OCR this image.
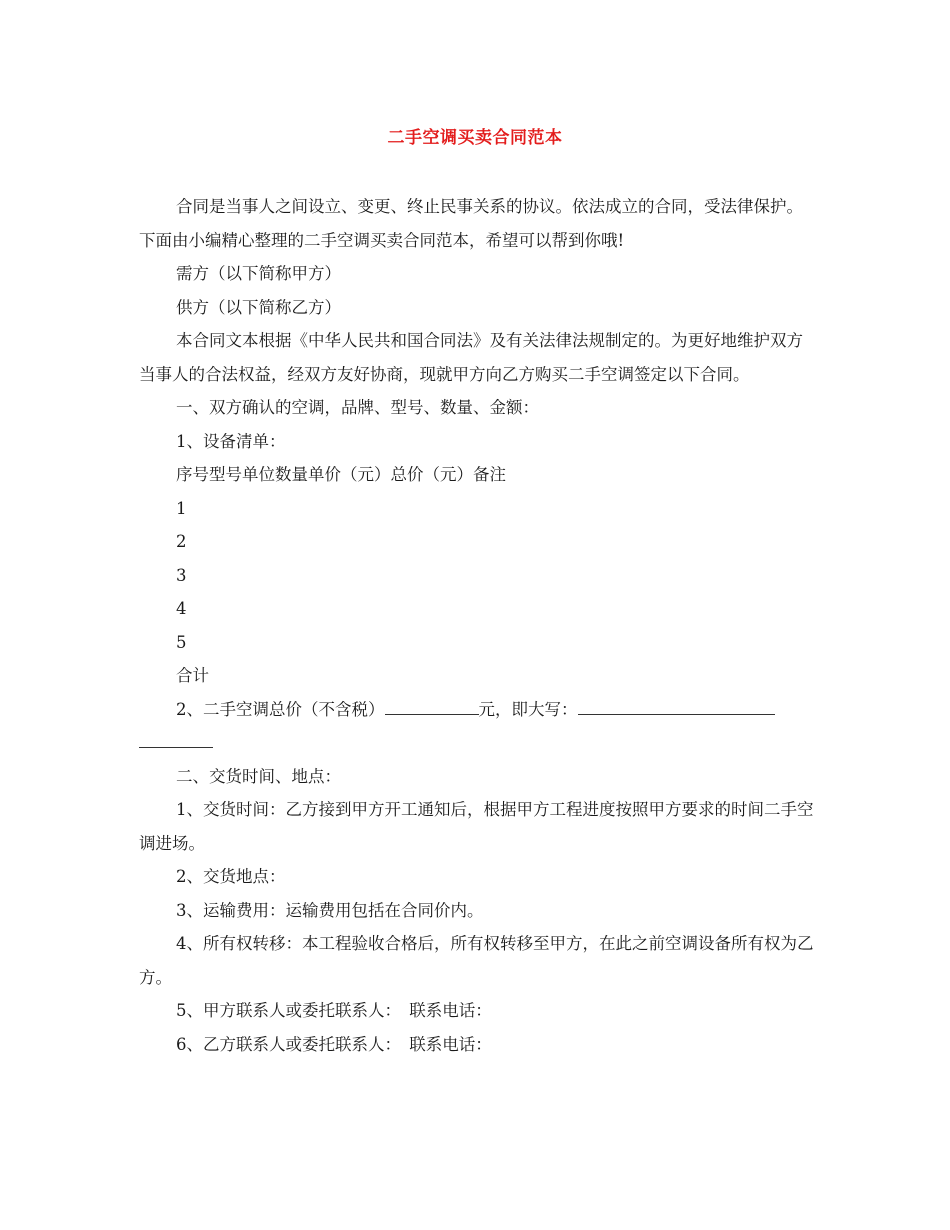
二手空调买卖合同范本

合同是当事人之间设立、变更、终止民事关系的协议。依法成立的合同，受法律保护。下面由小编精心整理的二手空调买卖合同范本，希望可以帮到你哦!

需方（以下简称甲方）

供方（以下简称乙方）

本合同文本根据《中华人民共和国合同法》及有关法律法规制定的。为更好地维护双方当事人的合法权益，经双方友好协商，现就甲方向乙方购买二手空调签定以下合同。

一、双方确认的空调，品牌、型号、数量、金额：

1、设备清单：

序号型号单位数量单价（元）总价（元）备注

1

2

3

4

5

合计

2、二手空调总价（不含税）	元，即大写：

二、交货时间、地点：

1、交货时间：乙方接到甲方开工通知后，根据甲方工程进度按照甲方要求的时间二手空调进场。

2、交货地点：

3、运输费用：运输费用包括在合同价内。

4、所有权转移：本工程验收合格后，所有权转移至甲方，在此之前空调设备所有权为乙方。

5、甲方联系人或委托联系人：　联系电话：

6、乙方联系人或委托联系人：　联系电话：
